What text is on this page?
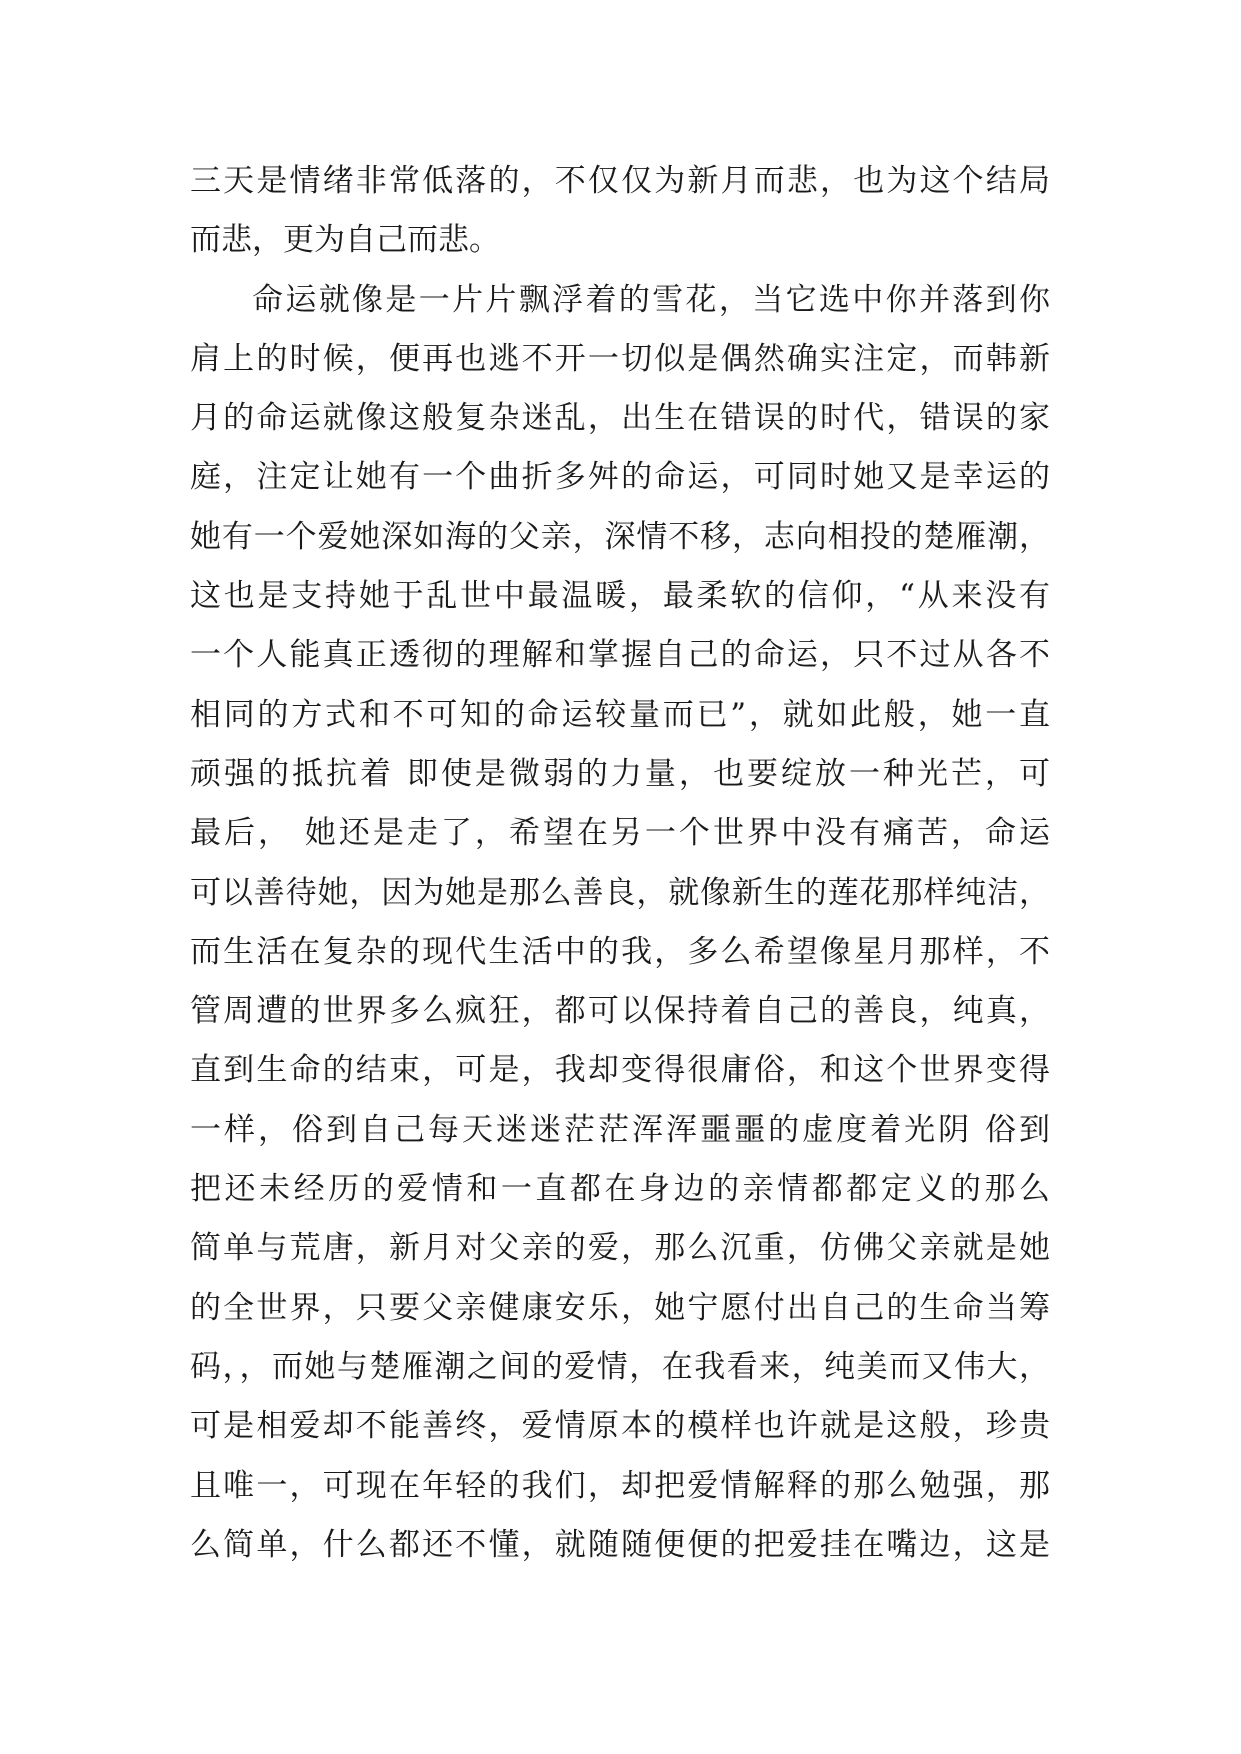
三天是情绪非常低落的，不仅仅为新月而悲，也为这个结局
而悲，更为自己而悲。
命运就像是一片片飘浮着的雪花，当它选中你并落到你
肩上的时候，便再也逃不开一切似是偶然确实注定，而韩新
月的命运就像这般复杂迷乱，出生在错误的时代，错误的家
庭，注定让她有一个曲折多舛的命运，可同时她又是幸运的
她有一个爱她深如海的父亲，深情不移，志向相投的楚雁潮，
这也是支持她于乱世中最温暖，最柔软的信仰，“从来没有
一个人能真正透彻的理解和掌握自己的命运，只不过从各不
相同的方式和不可知的命运较量而已”，就如此般，她一直
顽强的抵抗着 即使是微弱的力量，也要绽放一种光芒，可
最后， 她还是走了，希望在另一个世界中没有痛苦，命运
可以善待她，因为她是那么善良，就像新生的莲花那样纯洁，
而生活在复杂的现代生活中的我，多么希望像星月那样，不
管周遭的世界多么疯狂，都可以保持着自己的善良，纯真，
直到生命的结束，可是，我却变得很庸俗，和这个世界变得
一样，俗到自己每天迷迷茫茫浑浑噩噩的虚度着光阴 俗到
把还未经历的爱情和一直都在身边的亲情都都定义的那么
简单与荒唐，新月对父亲的爱，那么沉重，仿佛父亲就是她
的全世界，只要父亲健康安乐，她宁愿付出自己的生命当筹
码，，而她与楚雁潮之间的爱情，在我看来，纯美而又伟大，
可是相爱却不能善终，爱情原本的模样也许就是这般，珍贵
且唯一，可现在年轻的我们，却把爱情解释的那么勉强，那
么简单，什么都还不懂，就随随便便的把爱挂在嘴边，这是
